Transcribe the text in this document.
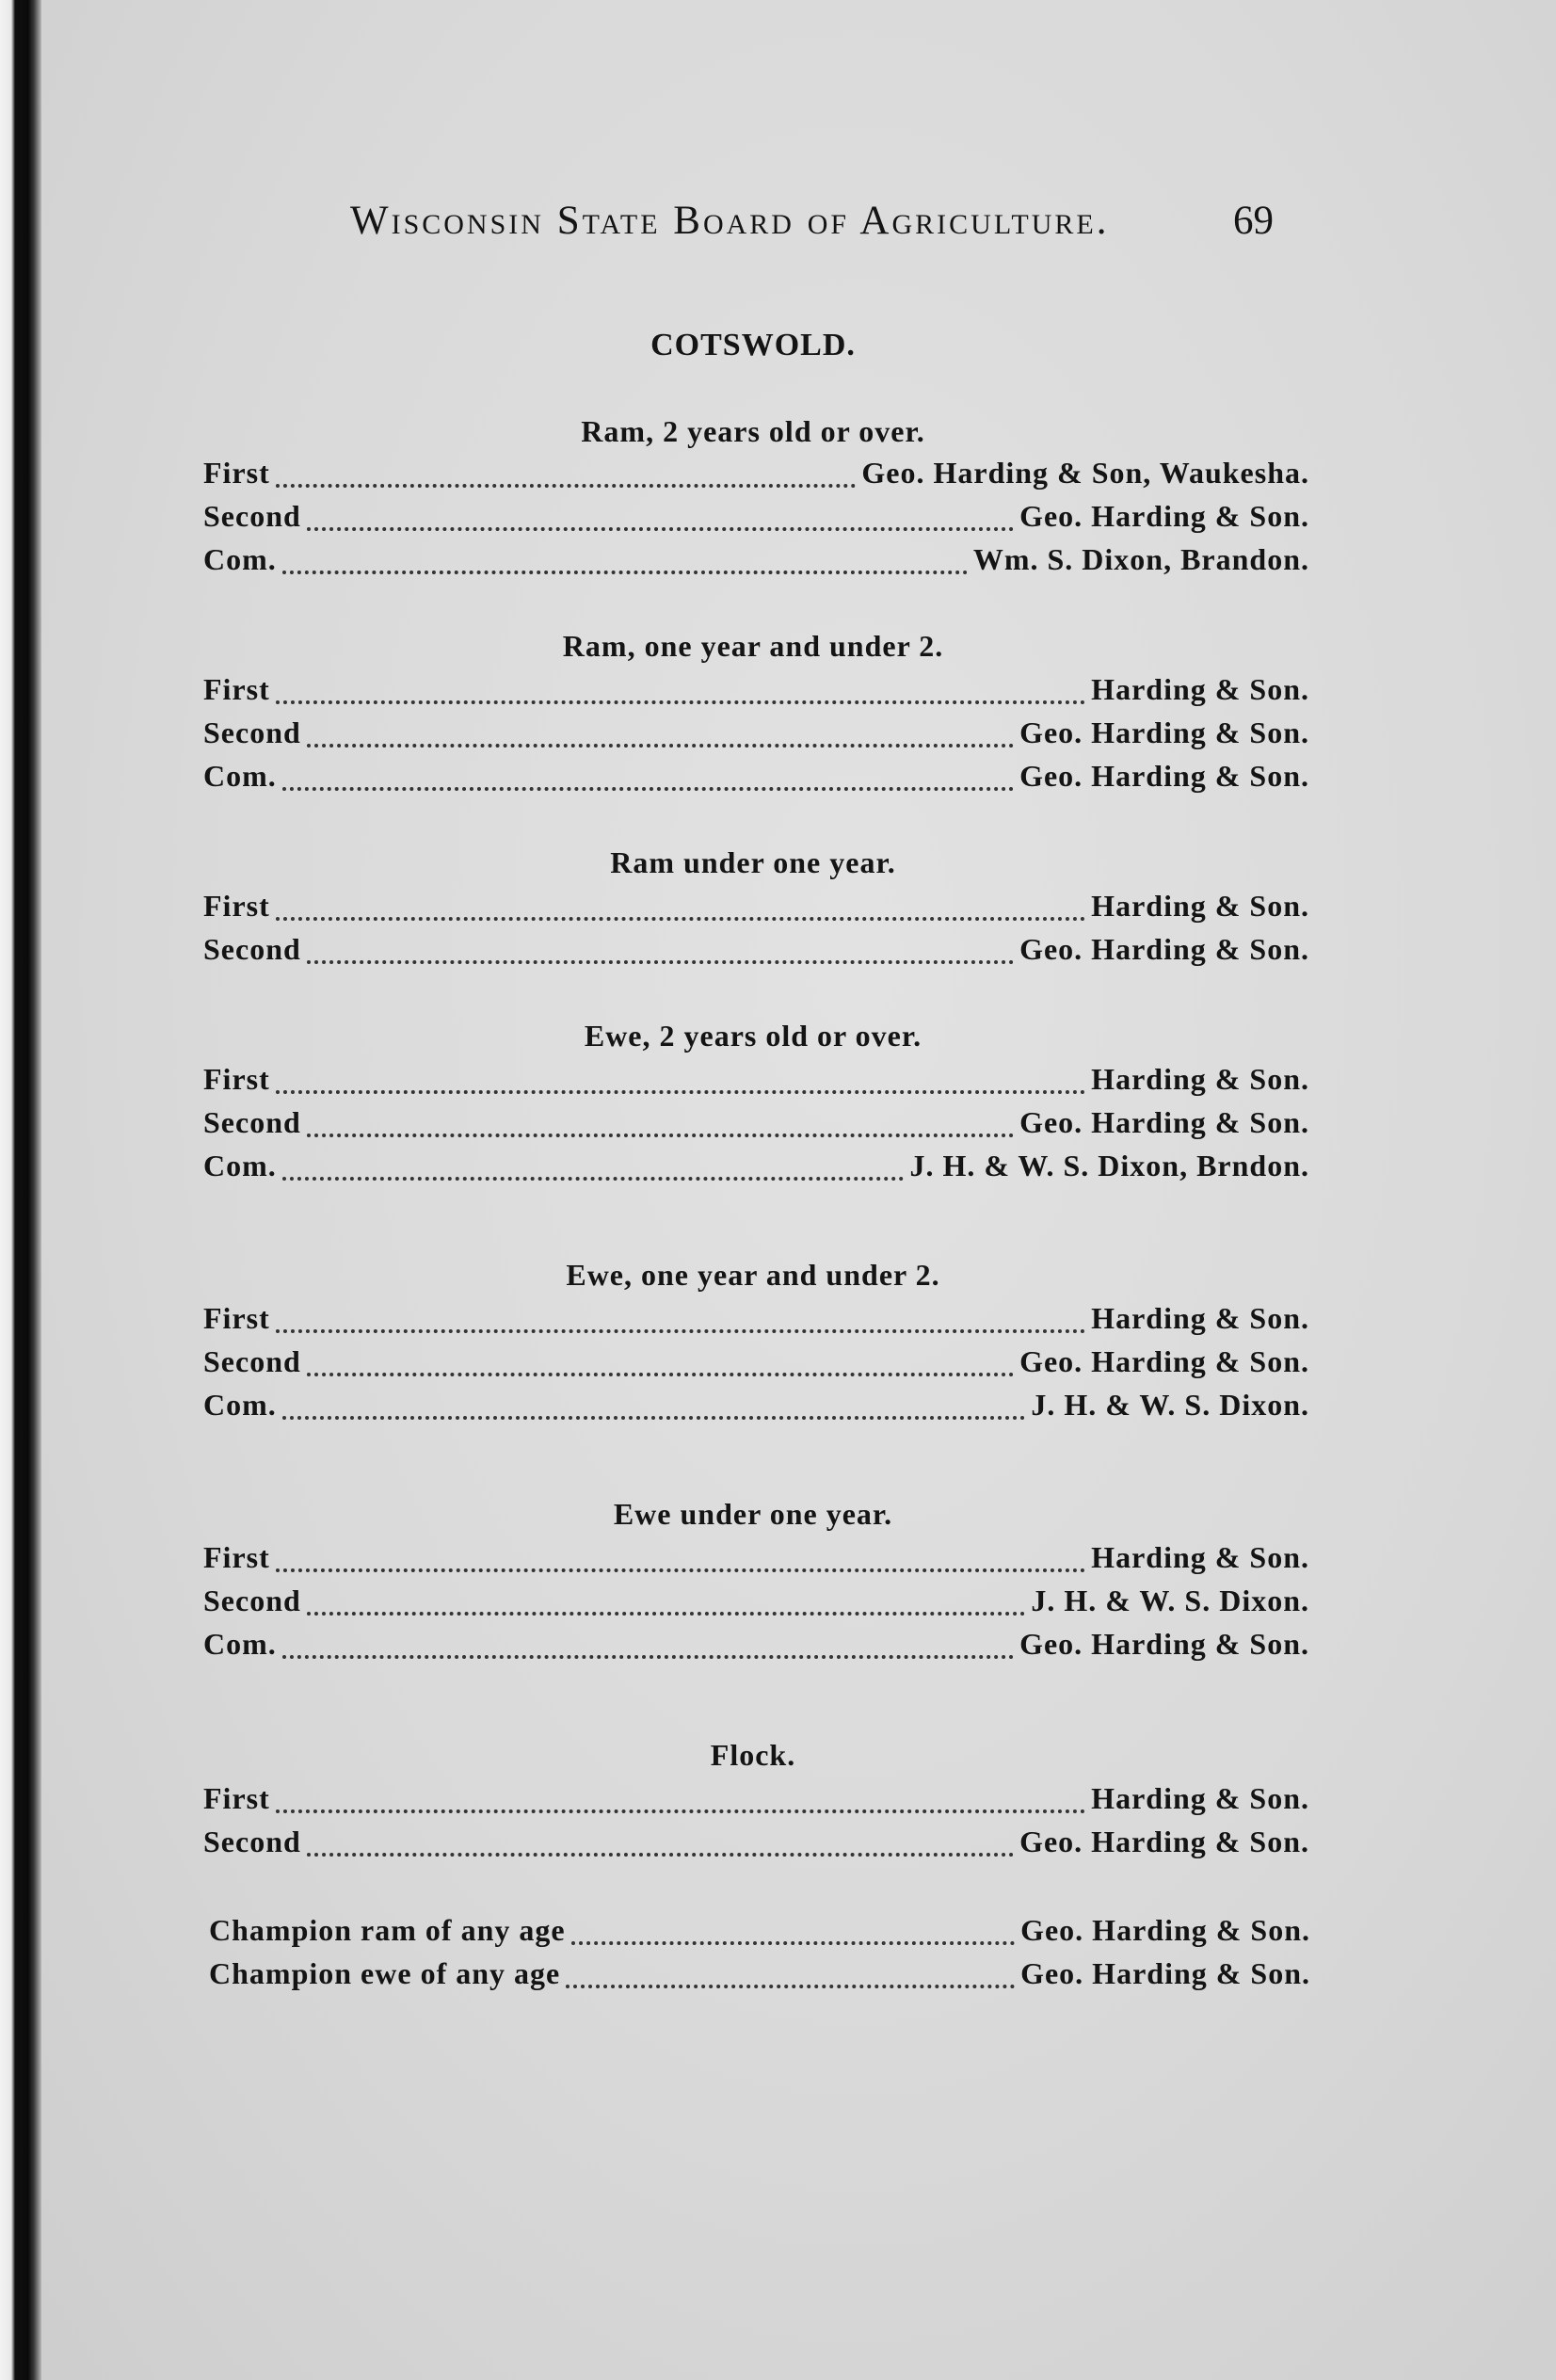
Wisconsin State Board of Agriculture.	69
COTSWOLD.
Ram, 2 years old or over.
First	Geo. Harding & Son, Waukesha.
Second	Geo. Harding & Son.
Com.	Wm. S. Dixon, Brandon.
Ram, one year and under 2.
First	Harding & Son.
Second	Geo. Harding & Son.
Com.	Geo. Harding & Son.
Ram under one year.
First	Harding & Son.
Second	Geo. Harding & Son.
Ewe, 2 years old or over.
First	Harding & Son.
Second	Geo. Harding & Son.
Com.	J. H. & W. S. Dixon, Brndon.
Ewe, one year and under 2.
First	Harding & Son.
Second	Geo. Harding & Son.
Com.	J. H. & W. S. Dixon.
Ewe under one year.
First	Harding & Son.
Second	J. H. & W. S. Dixon.
Com.	Geo. Harding & Son.
Flock.
First	Harding & Son.
Second	Geo. Harding & Son.
Champion ram of any age	Geo. Harding & Son.
Champion ewe of any age	Geo. Harding & Son.
